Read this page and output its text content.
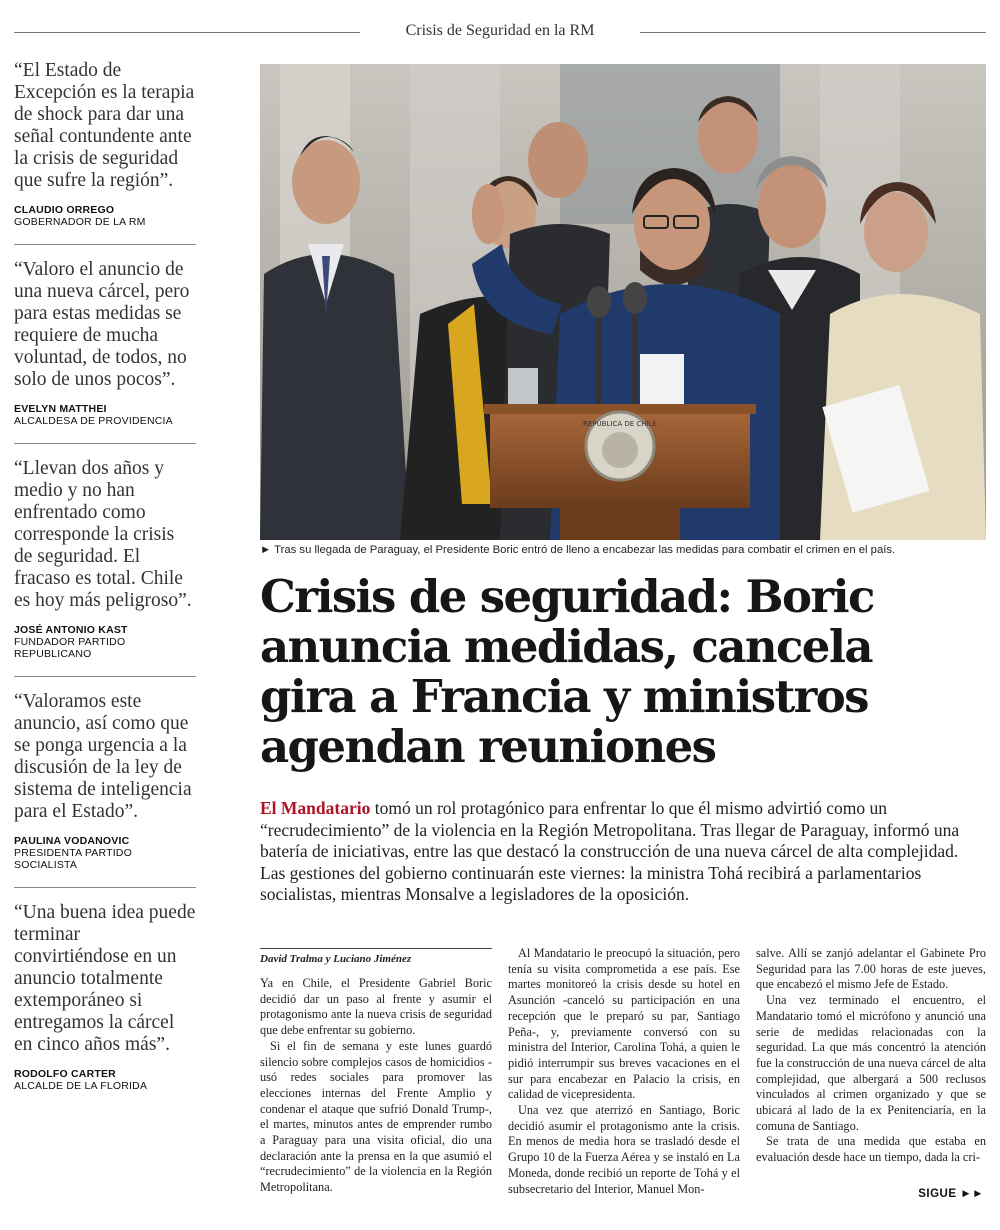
Crisis de Seguridad en la RM

“El Estado de Excepción es la terapia de shock para dar una señal contundente ante la crisis de seguridad que sufre la región”.

CLAUDIO ORREGO
GOBERNADOR DE LA RM

“Valoro el anuncio de una nueva cárcel, pero para estas medidas se requiere de mucha voluntad, de todos, no solo de unos pocos”.

EVELYN MATTHEI
ALCALDESA DE PROVIDENCIA

“Llevan dos años y medio y no han enfrentado como corresponde la crisis de seguridad. El fracaso es total. Chile es hoy más peligroso”.

JOSÉ ANTONIO KAST
FUNDADOR PARTIDO REPUBLICANO

“Valoramos este anuncio, así como que se ponga urgencia a la discusión de la ley de sistema de inteligencia para el Estado”.

PAULINA VODANOVIC
PRESIDENTA PARTIDO SOCIALISTA

“Una buena idea puede terminar convirtiéndose en un anuncio totalmente extemporáneo si entregamos la cárcel en cinco años más”.

RODOLFO CARTER
ALCALDE DE LA FLORIDA
REPÚBLICA DE CHILE
► Tras su llegada de Paraguay, el Presidente Boric entró de lleno a encabezar las medidas para combatir el crimen en el país.
Crisis de seguridad: Boric anuncia medidas, cancela gira a Francia y ministros agendan reuniones

El Mandatario tomó un rol protagónico para enfrentar lo que él mismo advirtió como un “recrudecimiento” de la violencia en la Región Metropolitana. Tras llegar de Paraguay, informó una batería de iniciativas, entre las que destacó la construcción de una nueva cárcel de alta complejidad. Las gestiones del gobierno continuarán este viernes: la ministra Tohá recibirá a parlamentarios socialistas, mientras Monsalve a legisladores de la oposición.

David Tralma y Luciano Jiménez

Ya en Chile, el Presidente Gabriel Boric decidió dar un paso al frente y asumir el protagonismo ante la nueva crisis de seguridad que debe enfrentar su gobierno.

Si el fin de semana y este lunes guardó silencio sobre complejos casos de homicidios -usó redes sociales para promover las elecciones internas del Frente Amplio y condenar el ataque que sufrió Donald Trump-, el martes, minutos antes de emprender rumbo a Paraguay para una visita oficial, dio una declaración ante la prensa en la que asumió el “recrudecimiento” de la violencia en la Región Metropolitana.

Al Mandatario le preocupó la situación, pero tenía su visita comprometida a ese país. Ese martes monitoreó la crisis desde su hotel en Asunción -canceló su participación en una recepción que le preparó su par, Santiago Peña-, y, previamente conversó con su ministra del Interior, Carolina Tohá, a quien le pidió interrumpir sus breves vacaciones en el sur para encabezar en Palacio la crisis, en calidad de vicepresidenta.

Una vez que aterrizó en Santiago, Boric decidió asumir el protagonismo ante la crisis. En menos de media hora se trasladó desde el Grupo 10 de la Fuerza Aérea y se instaló en La Moneda, donde recibió un reporte de Tohá y el subsecretario del Interior, Manuel Mon-

salve. Allí se zanjó adelantar el Gabinete Pro Seguridad para las 7.00 horas de este jueves, que encabezó el mismo Jefe de Estado.

Una vez terminado el encuentro, el Mandatario tomó el micrófono y anunció una serie de medidas relacionadas con la seguridad. La que más concentró la atención fue la construcción de una nueva cárcel de alta complejidad, que albergará a 500 reclusos vinculados al crimen organizado y que se ubicará al lado de la ex Penitenciaría, en la comuna de Santiago.

Se trata de una medida que estaba en evaluación desde hace un tiempo, dada la cri-

SIGUE ►►
